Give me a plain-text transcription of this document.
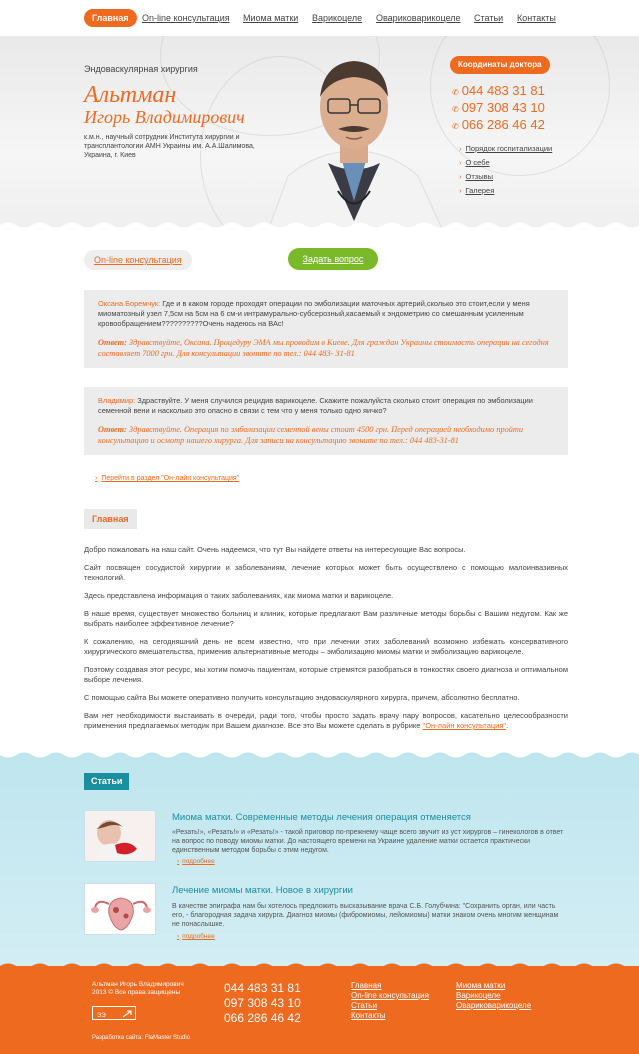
Главная	On-line консультация Миома матки Варикоцеле Овариковарикоцеле Статьи Контакты
Эндоваскулярная хирургия
Альтман
Игорь Владимирович
к.м.н., научный сотрудник Института хирургии и трансплантологии АМН Украины им. А.А.Шалимова, Украина, г. Киев
Координаты доктора
✆ 044 483 31 81
✆ 097 308 43 10
✆ 066 286 46 42
› Порядок госпитализации
› О себе
› Отзывы
› Галерея
On-line консультация	Задать вопрос
Оксана Боремчук: Где и в каком городе проходят операции по эмболизации маточных артерий,сколько это стоит,если у меня миоматозный узел 7,5см на 5см на 6 см-и интрамурально-субсерозный,касаемый к эндометрию со смешанным усиленным кровообращением??????????Очень надеюсь на ВАс!
Ответ: Здравствуйте, Оксана. Процедуру ЭМА мы проводим в Киеве. Для граждан Украины стоимость операции на сегодня составляет 7000 грн. Для консультации звоните по тел.: 044 483- 31-81
Владимир: Здраствуйте. У меня случился рецидив варикоцеле. Скажите пожалуйста сколько стоит операция по эмболизации семенной вени и насколько это опасно в связи с тем что у меня только одно яичко?
Ответ: Здравствуйте. Операция по эмболизации семенной вены стоит 4500 грн. Перед операцией необходимо пройти консультацию и осмотр нашего хирурга. Для записи на консультацию звоните по тел.: 044 483-31-81
› Перейти в раздел "Он-лайн консультация"
Главная

Добро пожаловать на наш сайт. Очень надеемся, что тут Вы найдете ответы на интересующие Вас вопросы.

Сайт посвящен сосудистой хирургии и заболеваниям, лечение которых может быть осуществлено с помощью малоинвазивных технологий.

Здесь представлена информация о таких заболеваниях, как миома матки и варикоцеле.

В наше время, существует множество больниц и клиник, которые предлагают Вам различные методы борьбы с Вашим недугом. Как же выбрать наиболее эффективное лечение?

К сожалению, на сегодняшний день не всем известно, что при лечении этих заболеваний возможно избежать консервативного хирургического вмешательства, применив альтернативные методы – эмболизацию миомы матки и эмболизацию варикоцеле.

Поэтому создавая этот ресурс, мы хотим помочь пациентам, которые стремятся разобраться в тонкостях своего диагноза и оптимальном выборе лечения.

С помощью сайта Вы можете оперативно получить консультацию эндоваскулярного хирурга, причем, абсолютно бесплатно.

Вам нет необходимости выстаивать в очереди, ради того, чтобы просто задать врачу пару вопросов, касательно целесообразности применения предлагаемых методик при Вашем диагнозе. Все это Вы можете сделать в рубрике "Он-лайн консультация".

Статьи
Миома матки. Современные методы лечения операция отменяется
«Резать!», «Резать!» и «Резать!» - такой приговор по-прежнему чаще всего звучит из уст хирургов – гинекологов в ответ на вопрос по поводу миомы матки. До настоящего времени на Украине удаление матки остается практически единственным методом борьбы с этим недугом.
› подробнее
Лечение миомы матки. Новое в хирургии
В качестве эпиграфа нам бы хотелось предложить высказывание врача С.Б. Голубчина: "Сохранить орган, или часть его, - благородная задача хирурга. Диагноз миомы (фибромиомы, лейомиомы) матки знаком очень многим женщинам не понаслышке.
› подробнее
Альтман Игорь Владимирович
2013 © Все права защищены
ЭЭ
Разработка сайта: FlaMaster Studio
044 483 31 81
097 308 43 10
066 286 46 42
Главная
On-line консультация
Статьи
Контакты
Миома матки
Варикоцеле
Овариковарикоцеле
